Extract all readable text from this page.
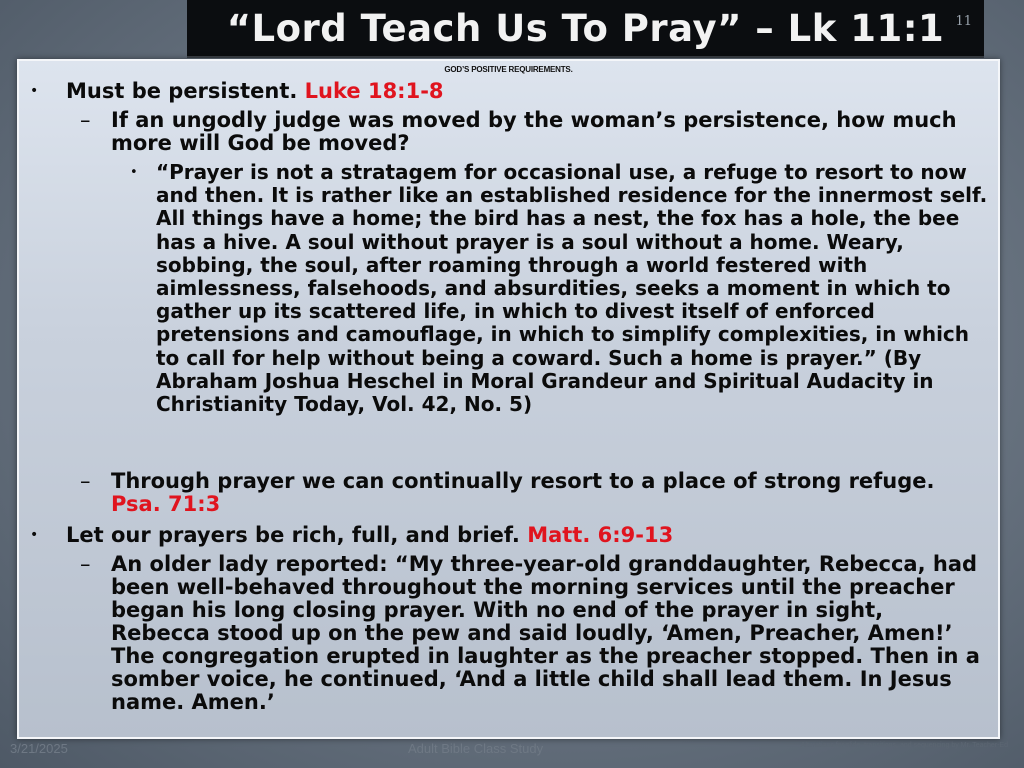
“Lord Teach Us To Pray” – Lk 11:1 11
GOD’S POSITIVE REQUIREMENTS.
• Must be persistent. Luke 18:1-8
– If an ungodly judge was moved by the woman’s persistence, how much more will God be moved?
• “Prayer is not a stratagem for occasional use, a refuge to resort to now and then. It is rather like an established residence for the innermost self. All things have a home; the bird has a nest, the fox has a hole, the bee has a hive. A soul without prayer is a soul without a home. Weary, sobbing, the soul, after roaming through a world festered with aimlessness, falsehoods, and absurdities, seeks a moment in which to gather up its scattered life, in which to divest itself of enforced pretensions and camouflage, in which to simplify complexities, in which to call for help without being a coward. Such a home is prayer.” (By Abraham Joshua Heschel in Moral Grandeur and Spiritual Audacity in Christianity Today, Vol. 42, No. 5)
– Through prayer we can continually resort to a place of strong refuge. Psa. 71:3
• Let our prayers be rich, full, and brief. Matt. 6:9-13
– An older lady reported: “My three-year-old granddaughter, Rebecca, had been well-behaved throughout the morning services until the preacher began his long closing prayer. With no end of the prayer in sight, Rebecca stood up on the pew and said loudly, ‘Amen, Preacher, Amen!’ The congregation erupted in laughter as the preacher stopped. Then in a somber voice, he continued, ‘And a little child shall lead them. In Jesus name. Amen.’
3/21/2025	Adult Bible Class Study	Alterations for slide, transitions, and sequencing by Mr. Teacher-Ed
